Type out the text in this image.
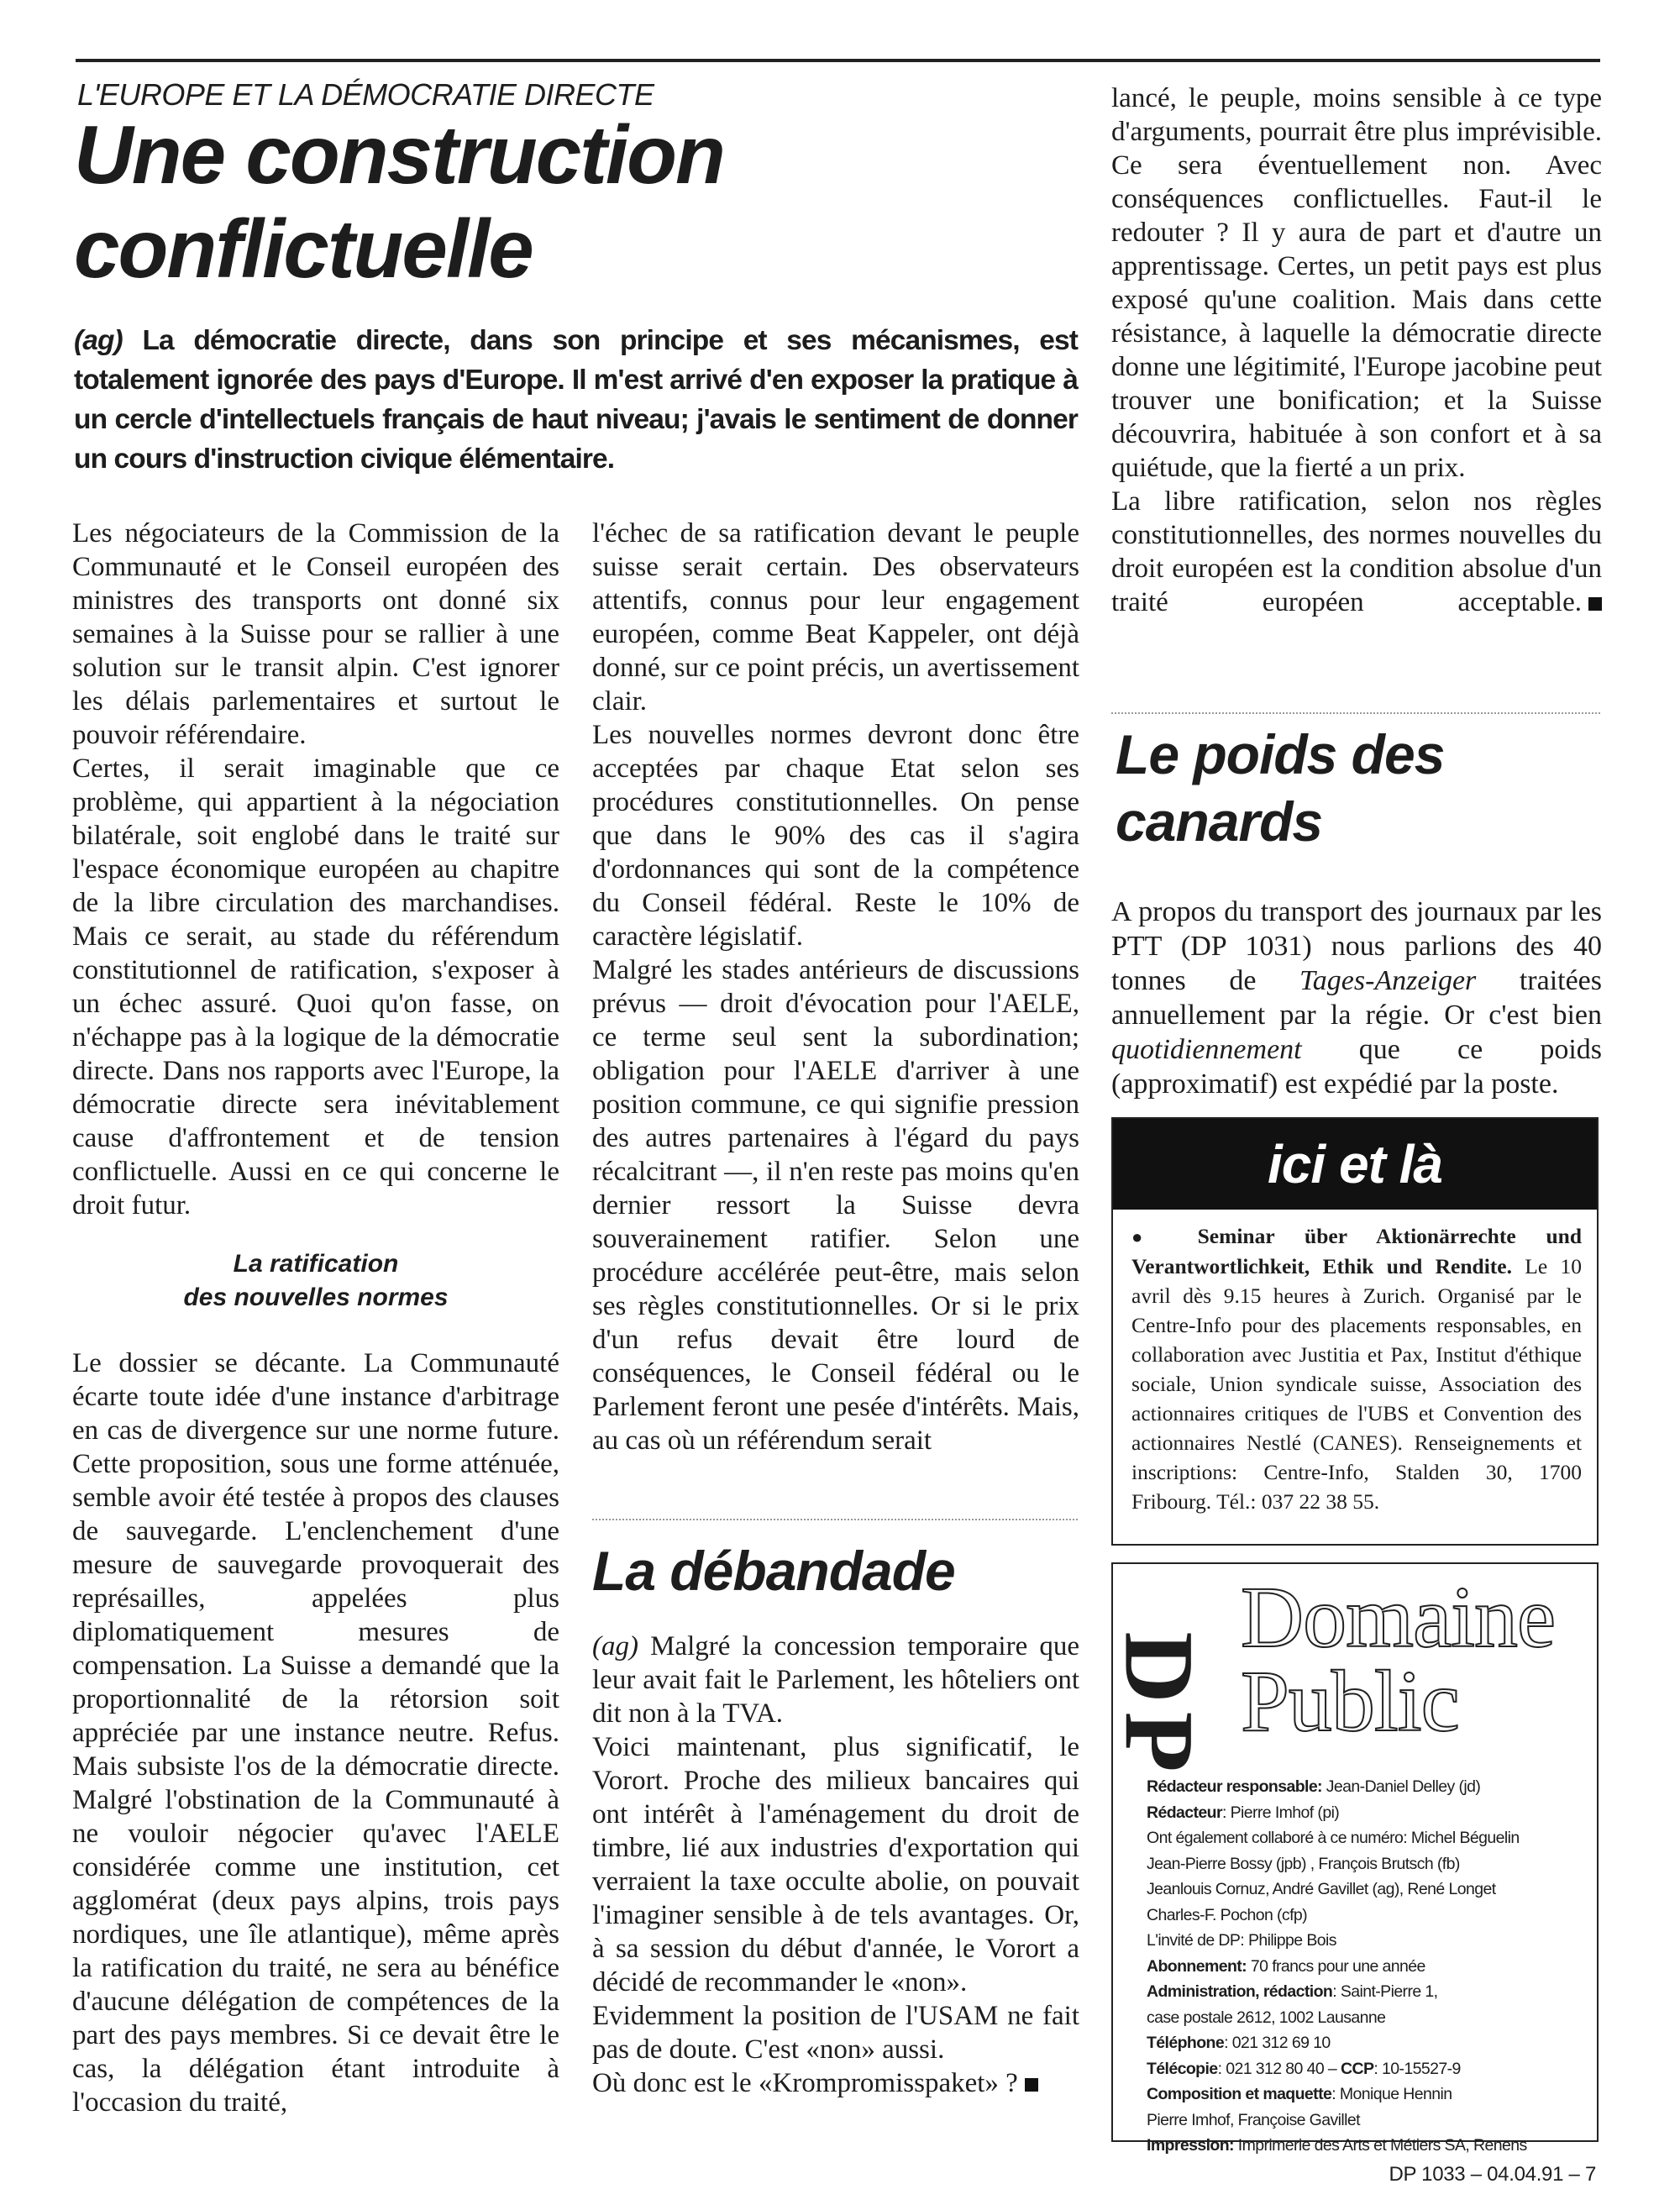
L'EUROPE ET LA DÉMOCRATIE DIRECTE
Une construction
conflictuelle

(ag) La démocratie directe, dans son principe et ses mécanismes, est totalement ignorée des pays d'Europe. Il m'est arrivé d'en exposer la pratique à un cercle d'intellectuels français de haut niveau; j'avais le sentiment de donner un cours d'instruction civique élémentaire.

Les négociateurs de la Commission de la Communauté et le Conseil européen des ministres des transports ont donné six semaines à la Suisse pour se rallier à une solution sur le transit alpin. C'est ignorer les délais parlementaires et surtout le pouvoir référendaire.

Certes, il serait imaginable que ce problème, qui appartient à la négociation bilatérale, soit englobé dans le traité sur l'espace économique européen au chapitre de la libre circulation des marchandises. Mais ce serait, au stade du référendum constitutionnel de ratification, s'exposer à un échec assuré. Quoi qu'on fasse, on n'échappe pas à la logique de la démocratie directe. Dans nos rapports avec l'Europe, la démocratie directe sera inévitablement cause d'affrontement et de tension conflictuelle. Aussi en ce qui concerne le droit futur.

La ratification
des nouvelles normes

Le dossier se décante. La Communauté écarte toute idée d'une instance d'arbitrage en cas de divergence sur une norme future. Cette proposition, sous une forme atténuée, semble avoir été testée à propos des clauses de sauvegarde. L'enclenchement d'une mesure de sauvegarde provoquerait des représailles, appelées plus diplomatiquement mesures de compensation. La Suisse a demandé que la proportionnalité de la rétorsion soit appréciée par une instance neutre. Refus. Mais subsiste l'os de la démocratie directe. Malgré l'obstination de la Communauté à ne vouloir négocier qu'avec l'AELE considérée comme une institution, cet agglomérat (deux pays alpins, trois pays nordiques, une île atlantique), même après la ratification du traité, ne sera au bénéfice d'aucune délégation de compétences de la part des pays membres. Si ce devait être le cas, la délégation étant introduite à l'occasion du traité,

l'échec de sa ratification devant le peuple suisse serait certain. Des observateurs attentifs, connus pour leur engagement européen, comme Beat Kappeler, ont déjà donné, sur ce point précis, un avertissement clair.

Les nouvelles normes devront donc être acceptées par chaque Etat selon ses procédures constitutionnelles. On pense que dans le 90% des cas il s'agira d'ordonnances qui sont de la compétence du Conseil fédéral. Reste le 10% de caractère législatif.

Malgré les stades antérieurs de discussions prévus — droit d'évocation pour l'AELE, ce terme seul sent la subordination; obligation pour l'AELE d'arriver à une position commune, ce qui signifie pression des autres partenaires à l'égard du pays récalcitrant —, il n'en reste pas moins qu'en dernier ressort la Suisse devra souverainement ratifier. Selon une procédure accélérée peut-être, mais selon ses règles constitutionnelles. Or si le prix d'un refus devait être lourd de conséquences, le Conseil fédéral ou le Parlement feront une pesée d'intérêts. Mais, au cas où un référendum serait

La débandade

(ag) Malgré la concession temporaire que leur avait fait le Parlement, les hôteliers ont dit non à la TVA.

Voici maintenant, plus significatif, le Vorort. Proche des milieux bancaires qui ont intérêt à l'aménagement du droit de timbre, lié aux industries d'exportation qui verraient la taxe occulte abolie, on pouvait l'imaginer sensible à de tels avantages. Or, à sa session du début d'année, le Vorort a décidé de recommander le «non».

Evidemment la position de l'USAM ne fait pas de doute. C'est «non» aussi.

Où donc est le «Krompromisspaket» ?

lancé, le peuple, moins sensible à ce type d'arguments, pourrait être plus imprévisible. Ce sera éventuellement non. Avec conséquences conflictuelles. Faut-il le redouter ? Il y aura de part et d'autre un apprentissage. Certes, un petit pays est plus exposé qu'une coalition. Mais dans cette résistance, à laquelle la démocratie directe donne une légitimité, l'Europe jacobine peut trouver une bonification; et la Suisse découvrira, habituée à son confort et à sa quiétude, que la fierté a un prix.

La libre ratification, selon nos règles constitutionnelles, des normes nouvelles du droit européen est la condition absolue d'un traité européen acceptable.

Le poids des
canards

A propos du transport des journaux par les PTT (DP 1031) nous parlions des 40 tonnes de Tages-Anzeiger traitées annuellement par la régie. Or c'est bien quotidiennement que ce poids (approximatif) est expédié par la poste.

ici et là
● Seminar über Aktionärrechte und Verantwortlichkeit, Ethik und Rendite. Le 10 avril dès 9.15 heures à Zurich. Organisé par le Centre-Info pour des placements responsables, en collaboration avec Justitia et Pax, Institut d'éthique sociale, Union syndicale suisse, Association des actionnaires critiques de l'UBS et Convention des actionnaires Nestlé (CANES). Renseignements et inscriptions: Centre-Info, Stalden 30, 1700 Fribourg. Tél.: 037 22 38 55.
DP
Domaine
Public
Rédacteur responsable: Jean-Daniel Delley (jd)
Rédacteur: Pierre Imhof (pi)
Ont également collaboré à ce numéro: Michel Béguelin
Jean-Pierre Bossy (jpb) , François Brutsch (fb)
Jeanlouis Cornuz, André Gavillet (ag), René Longet
Charles-F. Pochon (cfp)
L'invité de DP: Philippe Bois
Abonnement: 70 francs pour une année
Administration, rédaction: Saint-Pierre 1,
case postale 2612, 1002 Lausanne
Téléphone: 021 312 69 10
Télécopie: 021 312 80 40 – CCP: 10-15527-9
Composition et maquette: Monique Hennin
Pierre Imhof, Françoise Gavillet
Impression: Imprimerie des Arts et Métiers SA, Renens
DP 1033 – 04.04.91 – 7
